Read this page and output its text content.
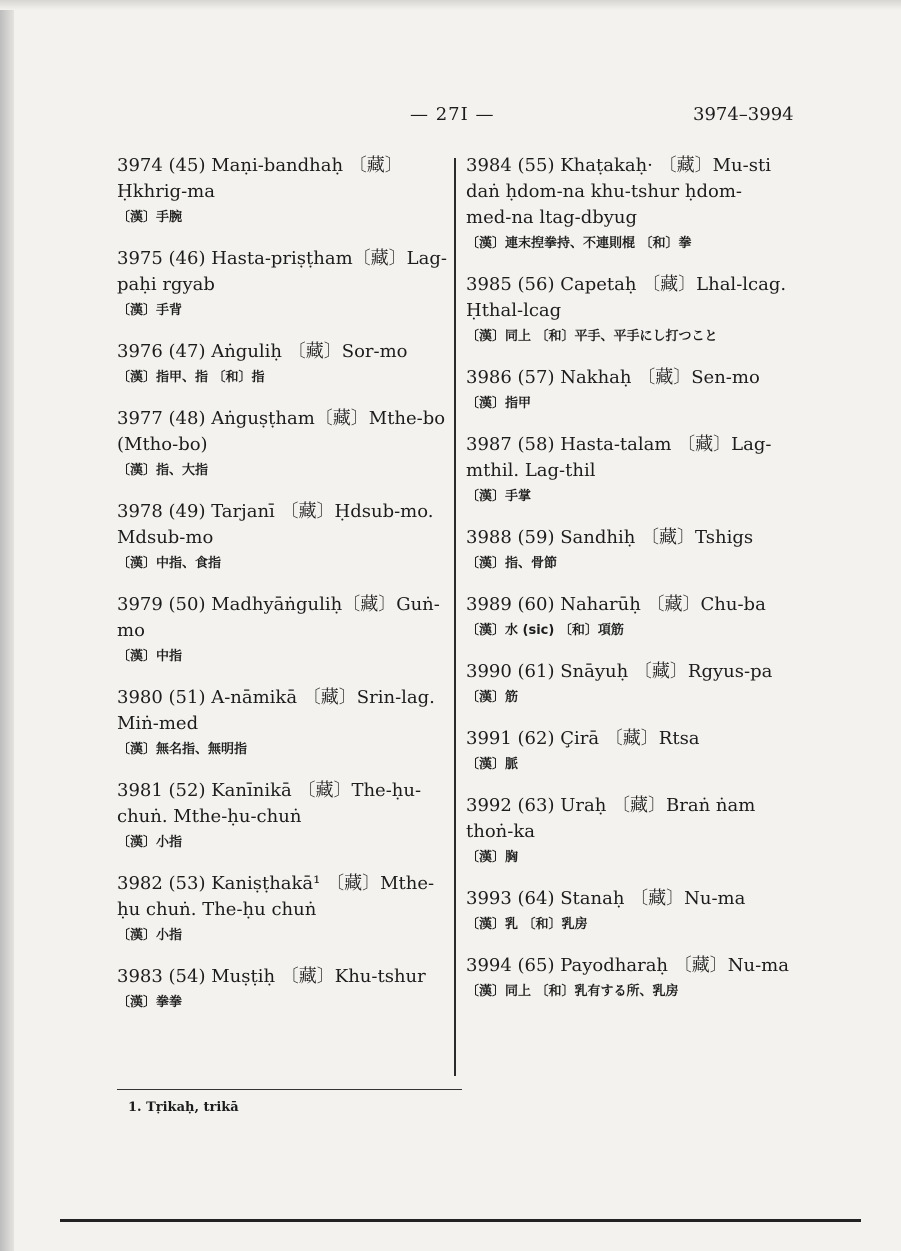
— 27I —	3974–3994
3974 (45) Maṇi-bandhaḥ 〔藏〕
Ḥkhrig-ma
〔漢〕手腕
3975 (46) Hasta-priṣṭham〔藏〕Lag-
paḥi rgyab
〔漢〕手背
3976 (47) Aṅguliḥ 〔藏〕Sor-mo
〔漢〕指甲、指 〔和〕指
3977 (48) Aṅguṣṭham〔藏〕Mthe-bo
(Mtho-bo)
〔漢〕指、大指
3978 (49) Tarjanī 〔藏〕Ḥdsub-mo.
Mdsub-mo
〔漢〕中指、食指
3979 (50) Madhyāṅguliḥ〔藏〕Guṅ-
mo
〔漢〕中指
3980 (51) A-nāmikā 〔藏〕Srin-lag.
Miṅ-med
〔漢〕無名指、無明指
3981 (52) Kanīnikā 〔藏〕The-ḥu-
chuṅ. Mthe-ḥu-chuṅ
〔漢〕小指
3982 (53) Kaniṣṭhakā¹ 〔藏〕Mthe-
ḥu chuṅ. The-ḥu chuṅ
〔漢〕小指
3983 (54) Muṣṭiḥ 〔藏〕Khu-tshur
〔漢〕拳拳
3984 (55) Khaṭakaḥ· 〔藏〕Mu-sti
daṅ ḥdom-na khu-tshur ḥdom-
med-na ltag-dbyug
〔漢〕連末揑拳持、不連則棍 〔和〕拳
3985 (56) Capetaḥ 〔藏〕Lhal-lcag.
Ḥthal-lcag
〔漢〕同上 〔和〕平手、平手にし打つこと
3986 (57) Nakhaḥ 〔藏〕Sen-mo
〔漢〕指甲
3987 (58) Hasta-talam 〔藏〕Lag-
mthil. Lag-thil
〔漢〕手掌
3988 (59) Sandhiḥ 〔藏〕Tshigs
〔漢〕指、骨節
3989 (60) Naharūḥ 〔藏〕Chu-ba
〔漢〕水 (sic) 〔和〕項筋
3990 (61) Snāyuḥ 〔藏〕Rgyus-pa
〔漢〕筋
3991 (62) Çirā 〔藏〕Rtsa
〔漢〕脈
3992 (63) Uraḥ 〔藏〕Braṅ ṅam
thoṅ-ka
〔漢〕胸
3993 (64) Stanaḥ 〔藏〕Nu-ma
〔漢〕乳 〔和〕乳房
3994 (65) Payodharaḥ 〔藏〕Nu-ma
〔漢〕同上 〔和〕乳有する所、乳房
1. Tṛikaḥ, trikā
